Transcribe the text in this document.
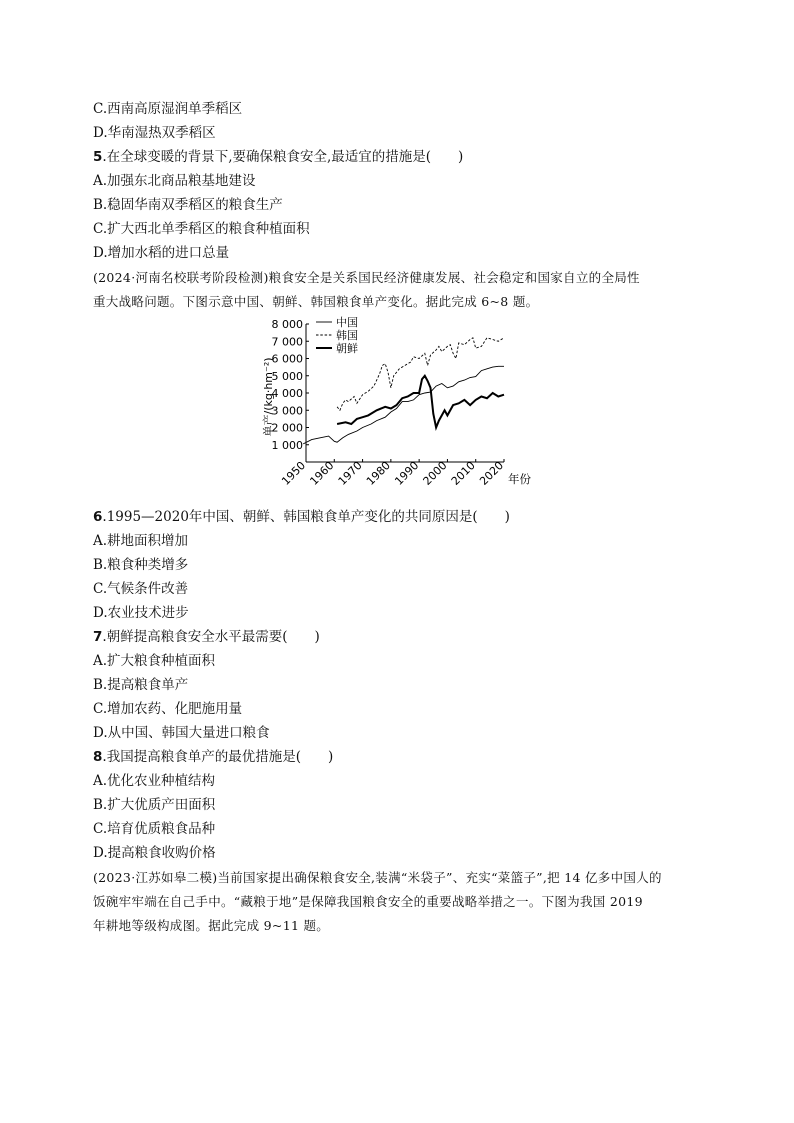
C.西南高原湿润单季稻区
D.华南湿热双季稻区
5.在全球变暖的背景下,要确保粮食安全,最适宜的措施是(　　)
A.加强东北商品粮基地建设
B.稳固华南双季稻区的粮食生产
C.扩大西北单季稻区的粮食种植面积
D.增加水稻的进口总量
(2024·河南名校联考阶段检测)粮食安全是关系国民经济健康发展、社会稳定和国家自立的全局性
重大战略问题。下图示意中国、朝鲜、韩国粮食单产变化。据此完成 6~8 题。
1 000
2 000
3 000
4 000
5 000
6 000
7 000
8 000
1950 1960 1970 1980 1990 2000 2010 2020
中国
韩国
朝鲜
单产/(kg·hm⁻²)
年份
6.1995—2020年中国、朝鲜、韩国粮食单产变化的共同原因是(　　)
A.耕地面积增加
B.粮食种类增多
C.气候条件改善
D.农业技术进步
7.朝鲜提高粮食安全水平最需要(　　)
A.扩大粮食种植面积
B.提高粮食单产
C.增加农药、化肥施用量
D.从中国、韩国大量进口粮食
8.我国提高粮食单产的最优措施是(　　)
A.优化农业种植结构
B.扩大优质产田面积
C.培育优质粮食品种
D.提高粮食收购价格
(2023·江苏如皋二模)当前国家提出确保粮食安全,装满“米袋子”、充实“菜篮子”,把 14 亿多中国人的
饭碗牢牢端在自己手中。“藏粮于地”是保障我国粮食安全的重要战略举措之一。下图为我国 2019
年耕地等级构成图。据此完成 9~11 题。
